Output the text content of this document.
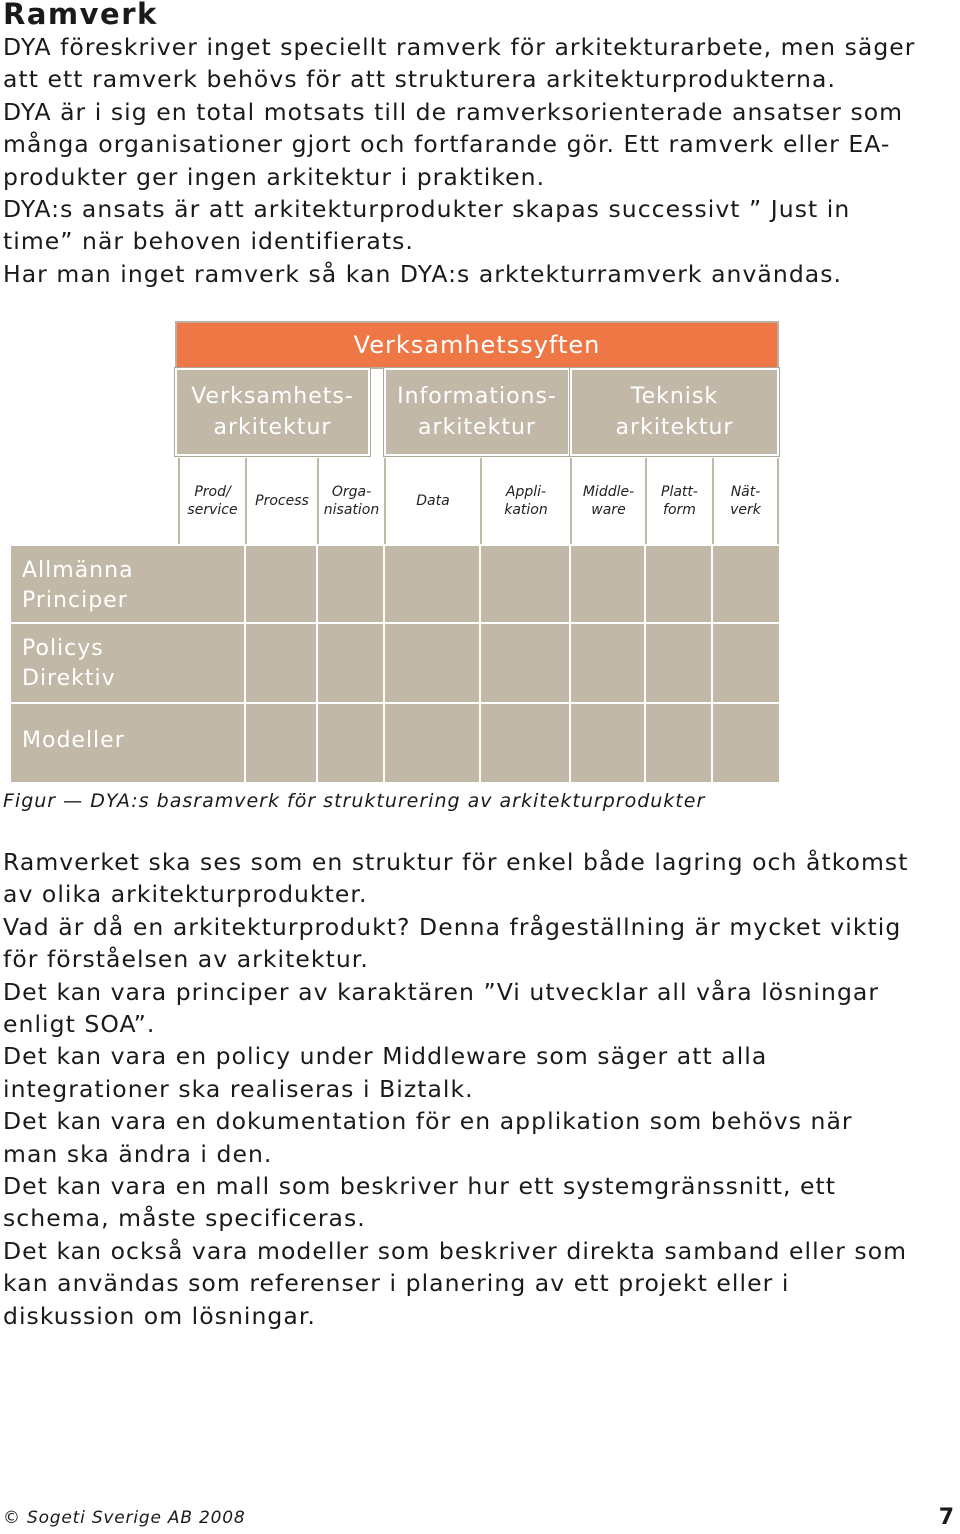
Ramverk

DYA föreskriver inget speciellt ramverk för arkitekturarbete, men säger
att ett ramverk behövs för att strukturera arkitekturprodukterna.
DYA är i sig en total motsats till de ramverksorienterade ansatser som
många organisationer gjort och fortfarande gör. Ett ramverk eller EA-
produkter ger ingen arkitektur i praktiken.
DYA:s ansats är att arkitekturprodukter skapas successivt ” Just in
time” när behoven identifierats.
Har man inget ramverk så kan DYA:s arktekturramverk användas.

Verksamhetssyften
Verksamhets-
arkitektur
Informations-
arkitektur
Teknisk
arkitektur
Prod/
service
Process
Orga-
nisation
Data
Appli-
kation
Middle-
ware
Platt-
form
Nät-
verk
Allmänna
Principer
Policys
Direktiv
Modeller

Figur — DYA:s basramverk för strukturering av arkitekturprodukter

Ramverket ska ses som en struktur för enkel både lagring och åtkomst
av olika arkitekturprodukter.
Vad är då en arkitekturprodukt? Denna frågeställning är mycket viktig
för förståelsen av arkitektur.
Det kan vara principer av karaktären ”Vi utvecklar all våra lösningar
enligt SOA”.
Det kan vara en policy under Middleware som säger att alla
integrationer ska realiseras i Biztalk.
Det kan vara en dokumentation för en applikation som behövs när
man ska ändra i den.
Det kan vara en mall som beskriver hur ett systemgränssnitt, ett
schema, måste specificeras.
Det kan också vara modeller som beskriver direkta samband eller som
kan användas som referenser i planering av ett projekt eller i
diskussion om lösningar.

© Sogeti Sverige AB 2008	7
